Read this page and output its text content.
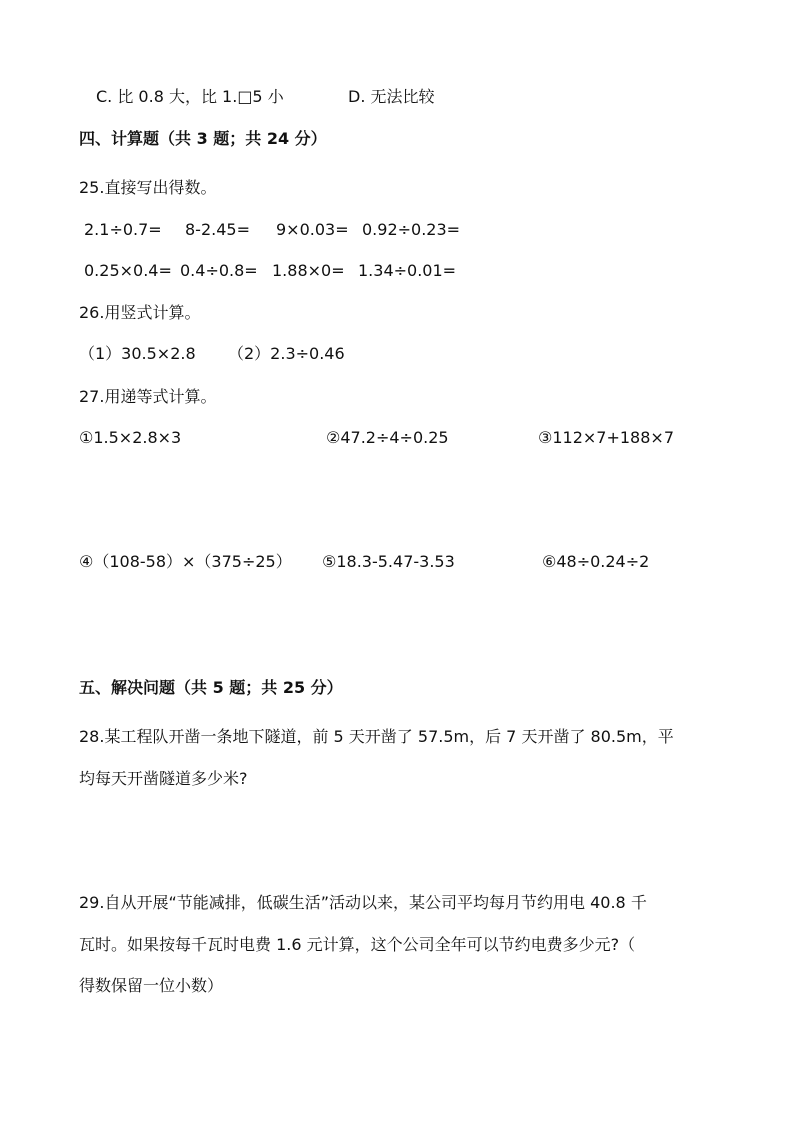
C. 比 0.8 大，比 1.□5 小	D. 无法比较
四、计算题（共 3 题；共 24 分）
25.直接写出得数。
2.1÷0.7= 8-2.45= 9×0.03= 0.92÷0.23=
0.25×0.4= 0.4÷0.8= 1.88×0= 1.34÷0.01=
26.用竖式计算。
（1）30.5×2.8 （2）2.3÷0.46
27.用递等式计算。
①1.5×2.8×3	②47.2÷4÷0.25	③112×7+188×7
④（108-58）×（375÷25） ⑤18.3-5.47-3.53	⑥48÷0.24÷2
五、解决问题（共 5 题；共 25 分）
28.某工程队开凿一条地下隧道，前 5 天开凿了 57.5m，后 7 天开凿了 80.5m，平
均每天开凿隧道多少米?
29.自从开展“节能减排，低碳生活”活动以来，某公司平均每月节约用电 40.8 千
瓦时。如果按每千瓦时电费 1.6 元计算，这个公司全年可以节约电费多少元?（
得数保留一位小数）
